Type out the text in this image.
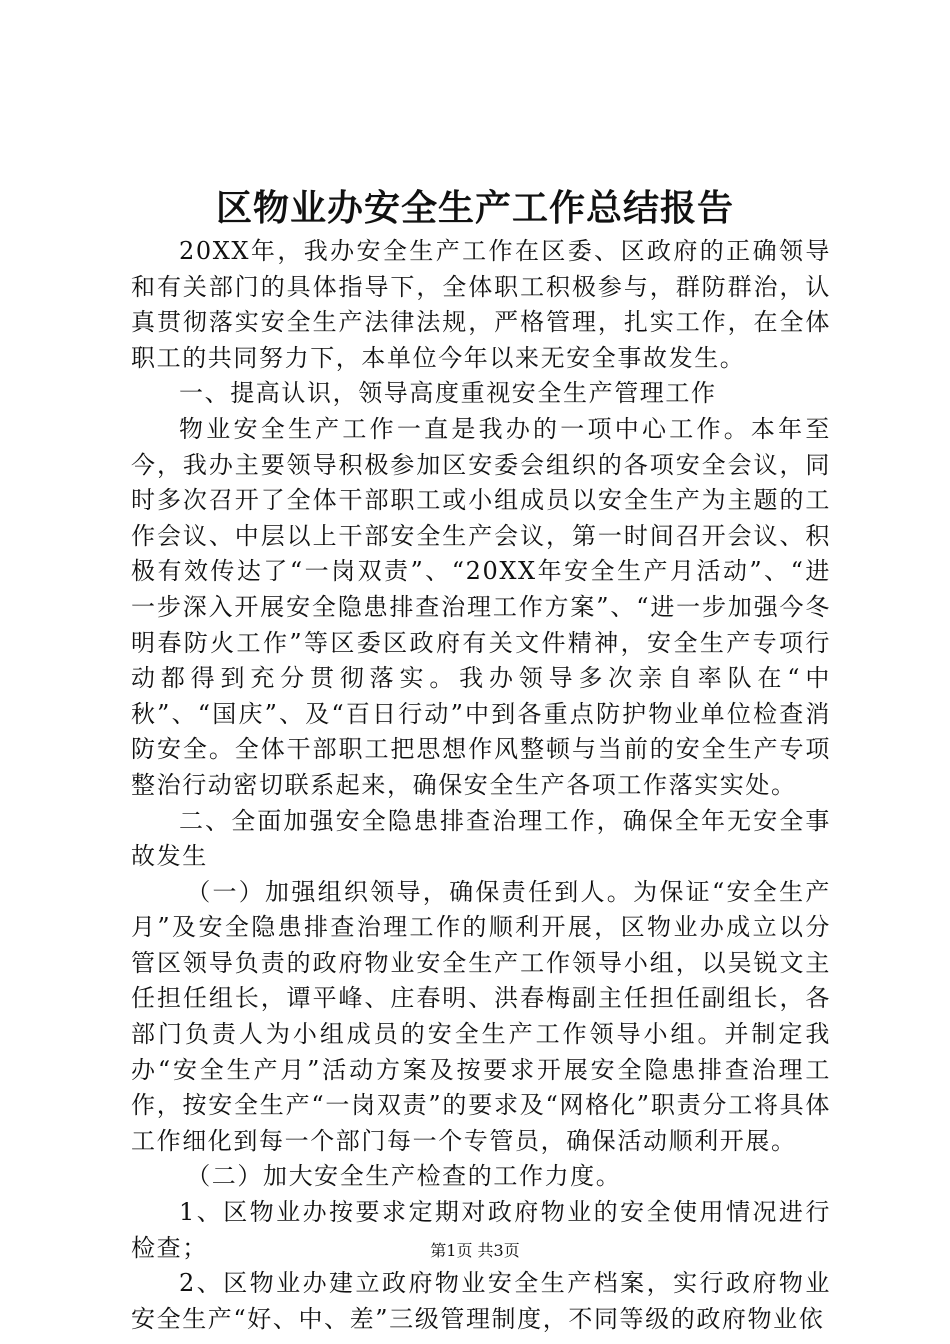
区物业办安全生产工作总结报告

20XX年，我办安全生产工作在区委、区政府的正确领导和有关部门的具体指导下，全体职工积极参与，群防群治，认真贯彻落实安全生产法律法规，严格管理，扎实工作，在全体职工的共同努力下，本单位今年以来无安全事故发生。

一、提高认识，领导高度重视安全生产管理工作

物业安全生产工作一直是我办的一项中心工作。本年至今，我办主要领导积极参加区安委会组织的各项安全会议，同时多次召开了全体干部职工或小组成员以安全生产为主题的工作会议、中层以上干部安全生产会议，第一时间召开会议、积极有效传达了“一岗双责”、“20XX年安全生产月活动”、“进一步深入开展安全隐患排查治理工作方案”、“进一步加强今冬明春防火工作”等区委区政府有关文件精神，安全生产专项行动都得到充分贯彻落实。我办领导多次亲自率队在“中秋”、“国庆”、及“百日行动”中到各重点防护物业单位检查消防安全。全体干部职工把思想作风整顿与当前的安全生产专项整治行动密切联系起来，确保安全生产各项工作落实实处。

二、全面加强安全隐患排查治理工作，确保全年无安全事故发生

（一）加强组织领导，确保责任到人。为保证“安全生产月”及安全隐患排查治理工作的顺利开展，区物业办成立以分管区领导负责的政府物业安全生产工作领导小组，以吴锐文主任担任组长，谭平峰、庄春明、洪春梅副主任担任副组长，各部门负责人为小组成员的安全生产工作领导小组。并制定我办“安全生产月”活动方案及按要求开展安全隐患排查治理工作，按安全生产“一岗双责”的要求及“网格化”职责分工将具体工作细化到每一个部门每一个专管员，确保活动顺利开展。

（二）加大安全生产检查的工作力度。

1、区物业办按要求定期对政府物业的安全使用情况进行检查；

2、区物业办建立政府物业安全生产档案，实行政府物业安全生产“好、中、差”三级管理制度，不同等级的政府物业依

第1页 共3页
